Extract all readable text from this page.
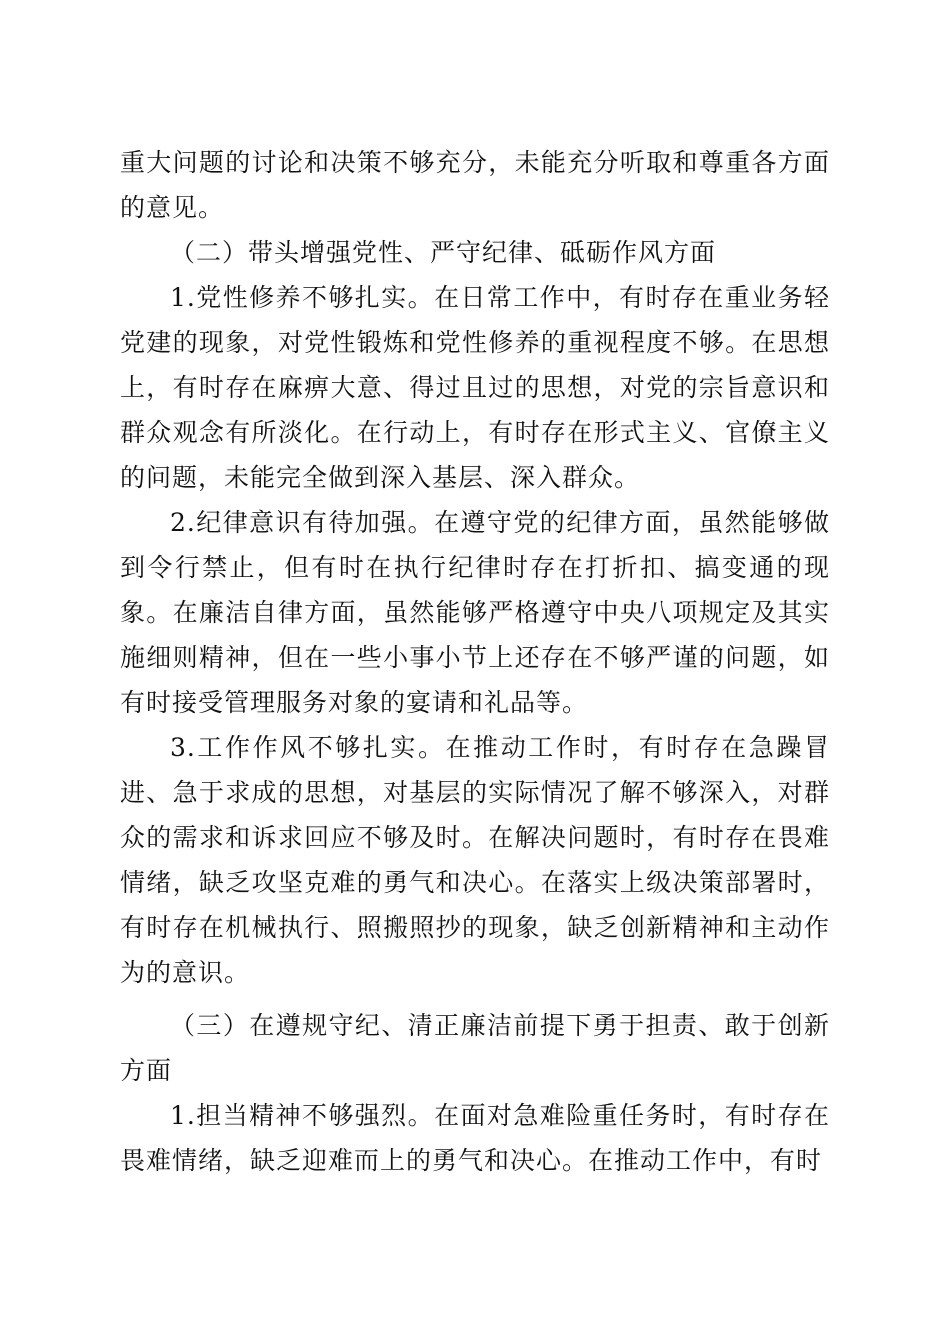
重大问题的讨论和决策不够充分，未能充分听取和尊重各方面的意见。

（二）带头增强党性、严守纪律、砥砺作风方面

1.党性修养不够扎实。在日常工作中，有时存在重业务轻党建的现象，对党性锻炼和党性修养的重视程度不够。在思想上，有时存在麻痹大意、得过且过的思想，对党的宗旨意识和群众观念有所淡化。在行动上，有时存在形式主义、官僚主义的问题，未能完全做到深入基层、深入群众。

2.纪律意识有待加强。在遵守党的纪律方面，虽然能够做到令行禁止，但有时在执行纪律时存在打折扣、搞变通的现象。在廉洁自律方面，虽然能够严格遵守中央八项规定及其实施细则精神，但在一些小事小节上还存在不够严谨的问题，如有时接受管理服务对象的宴请和礼品等。

3.工作作风不够扎实。在推动工作时，有时存在急躁冒进、急于求成的思想，对基层的实际情况了解不够深入，对群众的需求和诉求回应不够及时。在解决问题时，有时存在畏难情绪，缺乏攻坚克难的勇气和决心。在落实上级决策部署时，有时存在机械执行、照搬照抄的现象，缺乏创新精神和主动作为的意识。

（三）在遵规守纪、清正廉洁前提下勇于担责、敢于创新方面

1.担当精神不够强烈。在面对急难险重任务时，有时存在畏难情绪，缺乏迎难而上的勇气和决心。在推动工作中，有时
